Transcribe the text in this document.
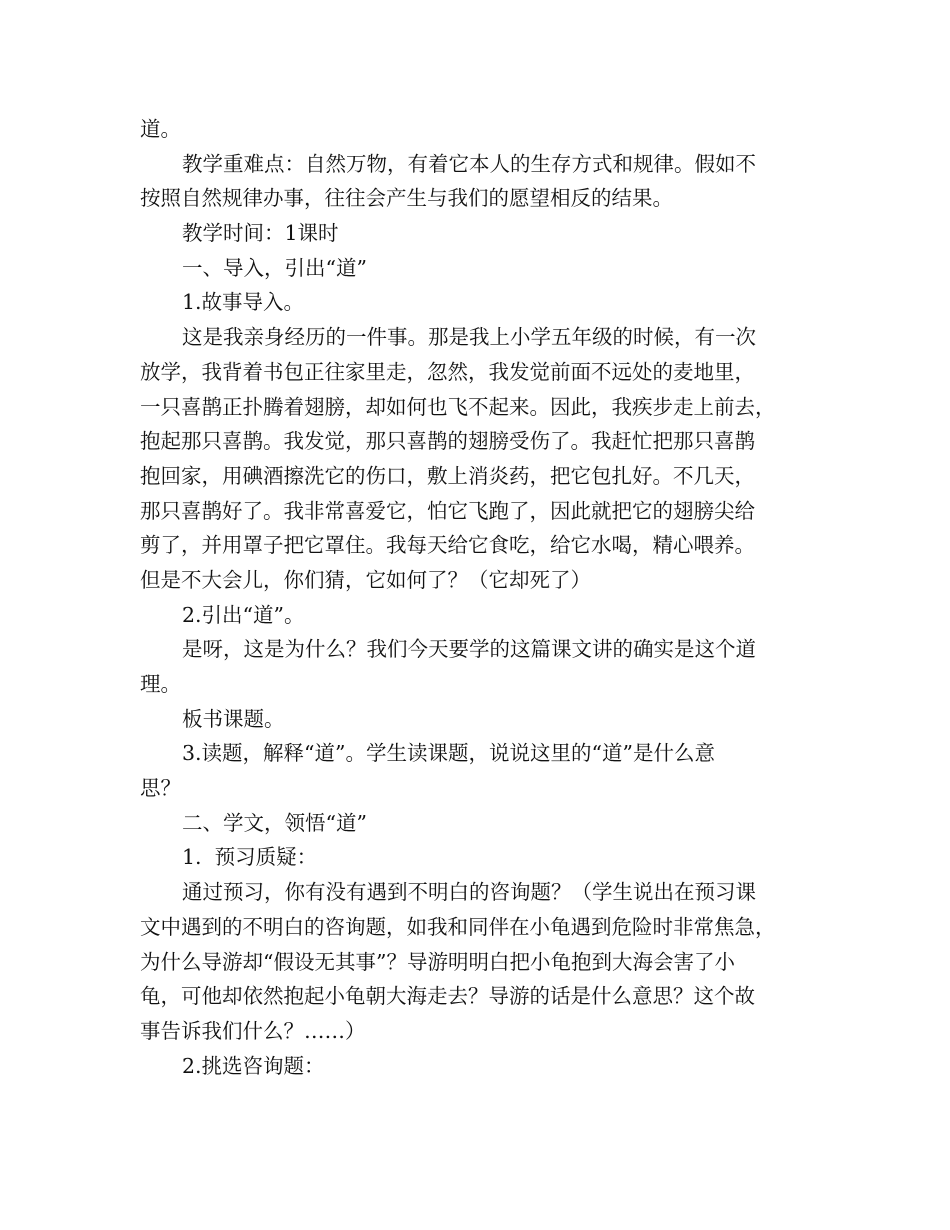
道。
教学重难点：自然万物，有着它本人的生存方式和规律。假如不
按照自然规律办事，往往会产生与我们的愿望相反的结果。
教学时间：1课时
一、导入，引出“道”
1.故事导入。
这是我亲身经历的一件事。那是我上小学五年级的时候，有一次
放学，我背着书包正往家里走，忽然，我发觉前面不远处的麦地里，
一只喜鹊正扑腾着翅膀，却如何也飞不起来。因此，我疾步走上前去，
抱起那只喜鹊。我发觉，那只喜鹊的翅膀受伤了。我赶忙把那只喜鹊
抱回家，用碘酒擦洗它的伤口，敷上消炎药，把它包扎好。不几天，
那只喜鹊好了。我非常喜爱它，怕它飞跑了，因此就把它的翅膀尖给
剪了，并用罩子把它罩住。我每天给它食吃，给它水喝，精心喂养。
但是不大会儿，你们猜，它如何了？（它却死了）
2.引出“道”。
是呀，这是为什么？我们今天要学的这篇课文讲的确实是这个道
理。
板书课题。
3.读题，解释“道”。学生读课题，说说这里的“道”是什么意
思？
二、学文，领悟“道”
1.  预习质疑：
通过预习，你有没有遇到不明白的咨询题？（学生说出在预习课
文中遇到的不明白的咨询题，如我和同伴在小龟遇到危险时非常焦急，
为什么导游却“假设无其事”？导游明明白把小龟抱到大海会害了小
龟，可他却依然抱起小龟朝大海走去？导游的话是什么意思？这个故
事告诉我们什么？……）
2.挑选咨询题：
